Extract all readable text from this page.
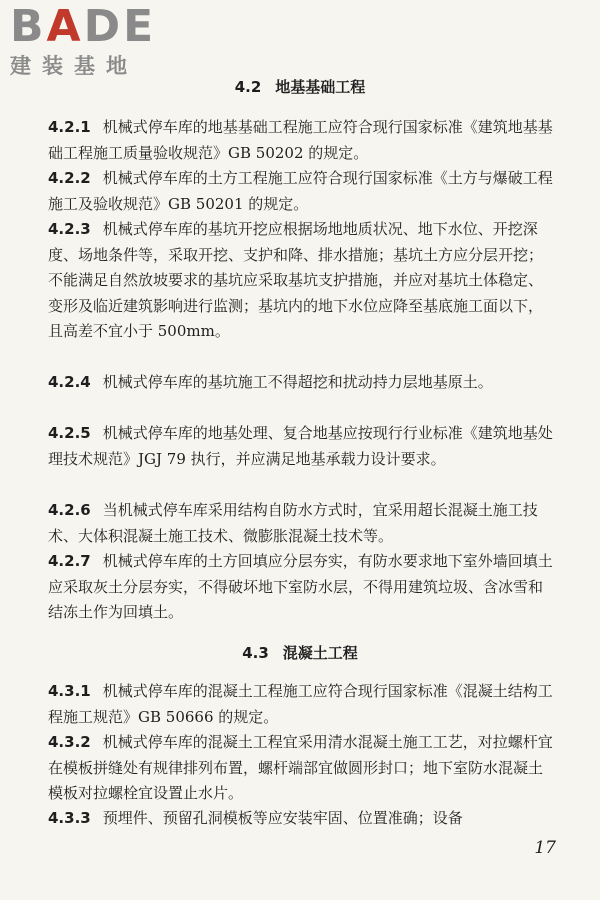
BADE
建装基地
4.2 地基基础工程
4.2.1 机械式停车库的地基基础工程施工应符合现行国家标准《建筑地基基础工程施工质量验收规范》GB 50202 的规定。
4.2.2 机械式停车库的土方工程施工应符合现行国家标准《土方与爆破工程施工及验收规范》GB 50201 的规定。
4.2.3 机械式停车库的基坑开挖应根据场地地质状况、地下水位、开挖深度、场地条件等，采取开挖、支护和降、排水措施；基坑土方应分层开挖；不能满足自然放坡要求的基坑应采取基坑支护措施，并应对基坑土体稳定、变形及临近建筑影响进行监测；基坑内的地下水位应降至基底施工面以下，且高差不宜小于 500mm。
4.2.4 机械式停车库的基坑施工不得超挖和扰动持力层地基原土。
4.2.5 机械式停车库的地基处理、复合地基应按现行行业标准《建筑地基处理技术规范》JGJ 79 执行，并应满足地基承载力设计要求。
4.2.6 当机械式停车库采用结构自防水方式时，宜采用超长混凝土施工技术、大体积混凝土施工技术、微膨胀混凝土技术等。
4.2.7 机械式停车库的土方回填应分层夯实，有防水要求地下室外墙回填土应采取灰土分层夯实，不得破坏地下室防水层，不得用建筑垃圾、含冰雪和结冻土作为回填土。
4.3 混凝土工程
4.3.1 机械式停车库的混凝土工程施工应符合现行国家标准《混凝土结构工程施工规范》GB 50666 的规定。
4.3.2 机械式停车库的混凝土工程宜采用清水混凝土施工工艺，对拉螺杆宜在模板拼缝处有规律排列布置，螺杆端部宜做圆形封口；地下室防水混凝土模板对拉螺栓宜设置止水片。
4.3.3 预埋件、预留孔洞模板等应安装牢固、位置准确；设备
17
